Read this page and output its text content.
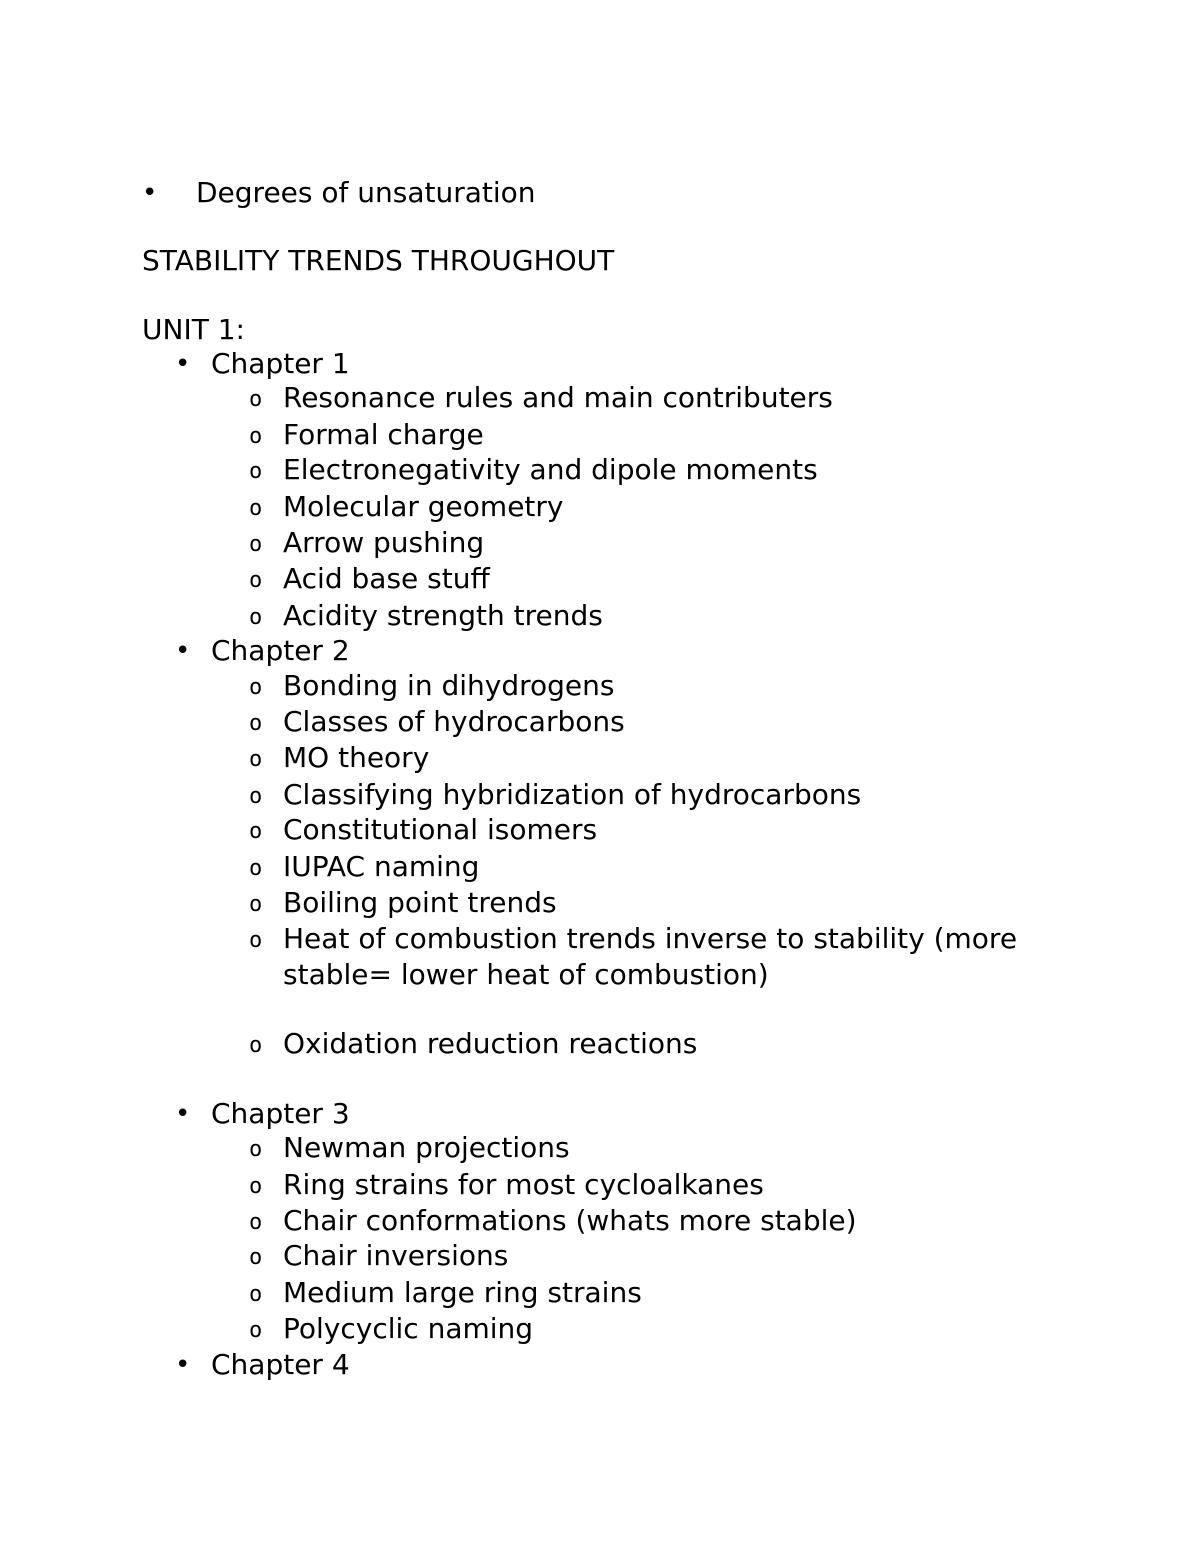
• Degrees of unsaturation
STABILITY TRENDS THROUGHOUT
UNIT 1:
• Chapter 1
o Resonance rules and main contributers
o Formal charge
o Electronegativity and dipole moments
o Molecular geometry
o Arrow pushing
o Acid base stuff
o Acidity strength trends
• Chapter 2
o Bonding in dihydrogens
o Classes of hydrocarbons
o MO theory
o Classifying hybridization of hydrocarbons
o Constitutional isomers
o IUPAC naming
o Boiling point trends
o Heat of combustion trends inverse to stability (more
stable= lower heat of combustion)
o Oxidation reduction reactions
• Chapter 3
o Newman projections
o Ring strains for most cycloalkanes
o Chair conformations (whats more stable)
o Chair inversions
o Medium large ring strains
o Polycyclic naming
• Chapter 4
